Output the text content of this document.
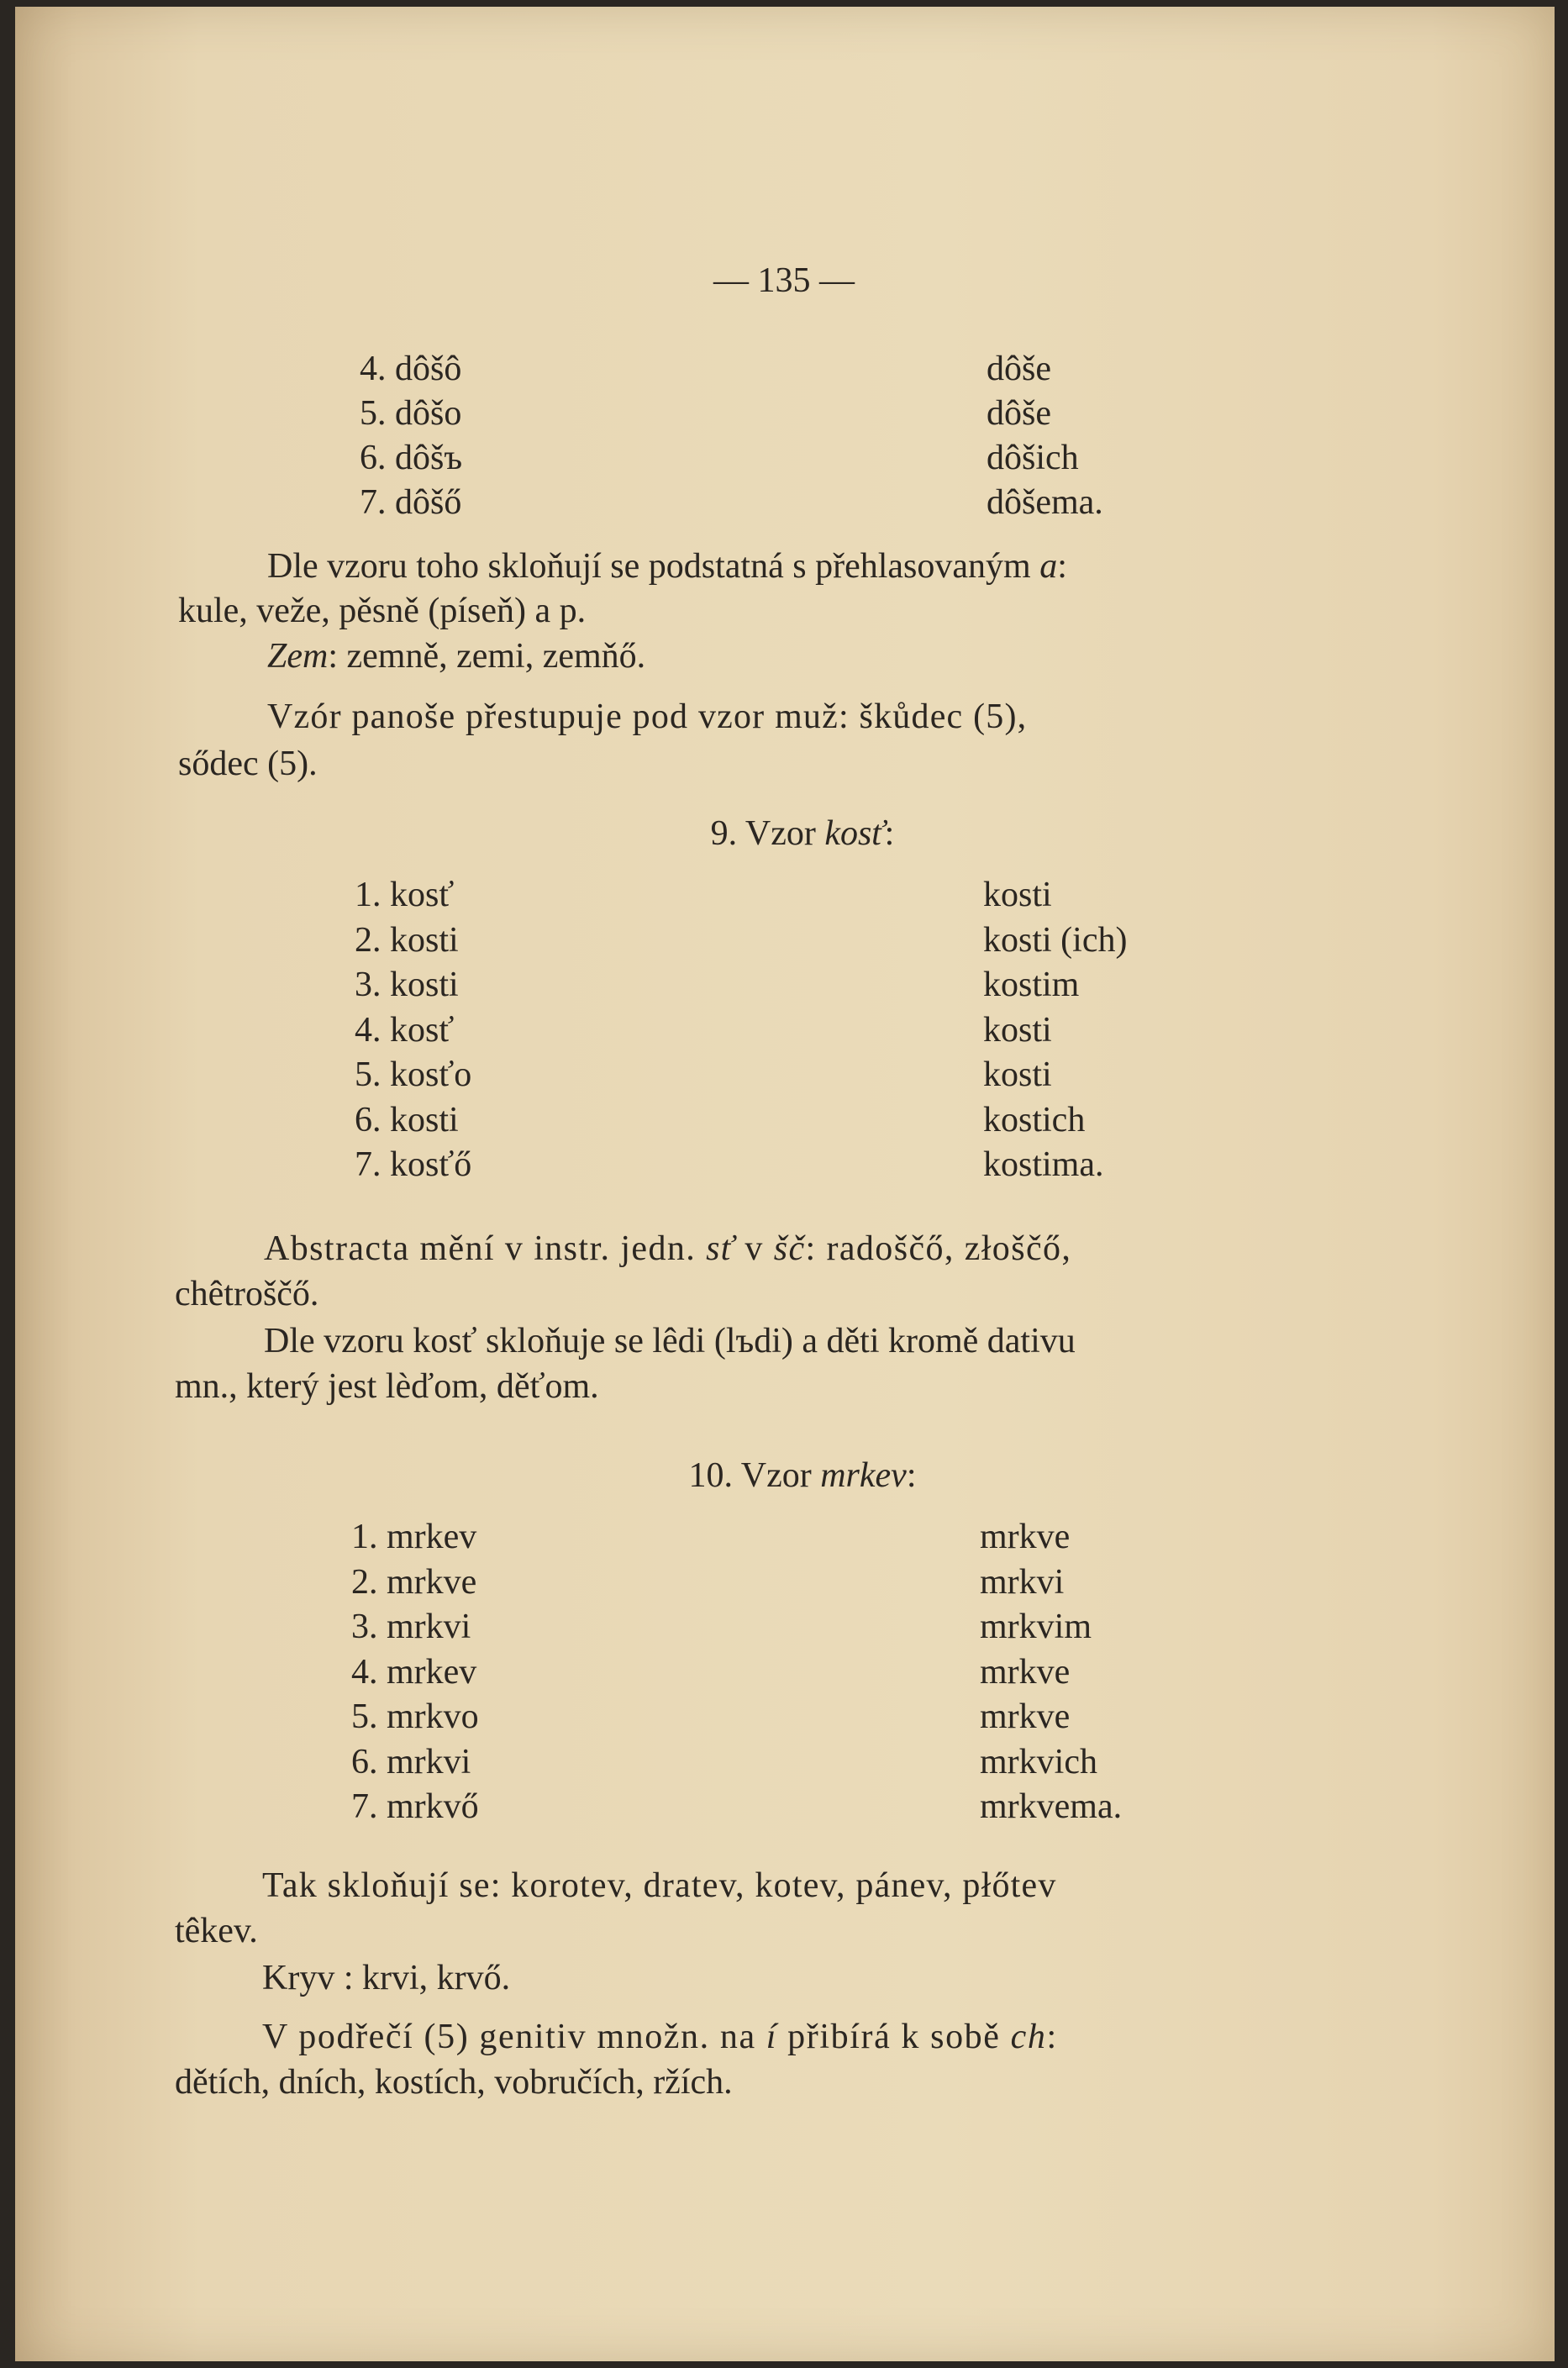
— 135 —
4. dôšô
5. dôšo
6. dôšъ
7. dôšő
dôše
dôše
dôšich
dôšema.
Dle vzoru toho skloňují se podstatná s přehlasovaným a:
kule, veže, pěsně (píseň) a p.
Zem: zemně, zemi, zemňő.
Vzór panoše přestupuje pod vzor muž: škůdec (5),
sődec (5).
9. Vzor kosť:
1. kosť
2. kosti
3. kosti
4. kosť
5. kosťo
6. kosti
7. kosťő
kosti
kosti (ich)
kostim
kosti
kosti
kostich
kostima.
Abstracta mění v instr. jedn. sť v šč: radoščő, złoščő,
chêtroščő.
Dle vzoru kosť skloňuje se lêdi (lъdi) a děti kromě dativu
mn., který jest lèďom, děťom.
10. Vzor mrkev:
1. mrkev
2. mrkve
3. mrkvi
4. mrkev
5. mrkvo
6. mrkvi
7. mrkvő
mrkve
mrkvi
mrkvim
mrkve
mrkve
mrkvich
mrkvema.
Tak skloňují se: korotev, dratev, kotev, pánev, płőtev
têkev.
Kryv : krvi, krvő.
V podřečí (5) genitiv množn. na í přibírá k sobě ch:
dětích, dních, kostích, vobručích, ržích.
